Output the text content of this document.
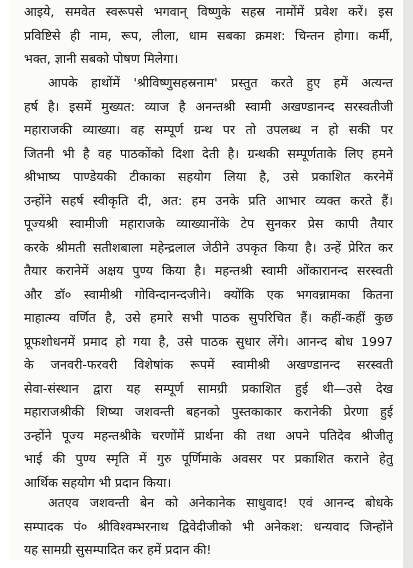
आइये, समवेत स्वरूपसे भगवान् विष्णुके सहस्र नामोंमें प्रवेश करें। इस
प्रविष्टिसे ही नाम, रूप, लीला, धाम सबका क्रमश: चिन्तन होगा। कर्मी,
भक्त, ज्ञानी सबको पोषण मिलेगा।
आपके हाथोंमें 'श्रीविष्णुसहस्रनाम' प्रस्तुत करते हुए हमें अत्यन्त
हर्ष है। इसमें मुख्यत: व्याज है अनन्तश्री स्वामी अखण्डानन्द सरस्वतीजी
महाराजकी व्याख्या। वह सम्पूर्ण ग्रन्थ पर तो उपलब्ध न हो सकी पर
जितनी भी है वह पाठकोंको दिशा देती है। ग्रन्थकी सम्पूर्णताके लिए हमने
श्रीभाष्य पाण्डेयकी टीकाका सहयोग लिया है, उसे प्रकाशित करनेमें
उन्होंने सहर्ष स्वीकृति दी, अत: हम उनके प्रति आभार व्यक्त करते हैं।
पूज्यश्री स्वामीजी महाराजके व्याख्यानोंके टेप सुनकर प्रेस कापी तैयार
करके श्रीमती सतीशबाला महेन्द्रलाल जेठीने उपकृत किया है। उन्हें प्रेरित कर
तैयार करानेमें अक्षय पुण्य किया है। महन्तश्री स्वामी ओंकारानन्द सरस्वती
और डॉ० स्वामीश्री गोविन्दानन्दजीने। क्योंकि एक भगवन्नामका कितना
माहात्म्य वर्णित है, उसे हमारे सभी पाठक सुपरिचित हैं। कहीं-कहीं कुछ
प्रूफशोधनमें प्रमाद हो गया है, उसे पाठक सुधार लेंगे। आनन्द बोध 1997
के जनवरी-फरवरी विशेषांक रूपमें स्वामीश्री अखण्डानन्द सरस्वती
सेवा-संस्थान द्वारा यह सम्पूर्ण सामग्री प्रकाशित हुई थी—उसे देख
महाराजश्रीकी शिष्या जशवन्ती बहनको पुस्तकाकार करानेकी प्रेरणा हुई
उन्होंने पूज्य महन्तश्रीके चरणोंमें प्रार्थना की तथा अपने पतिदेव श्रीजीतू
भाई की पुण्य स्मृति में गुरु पूर्णिमाके अवसर पर प्रकाशित कराने हेतु
आर्थिक सहयोग भी प्रदान किया।
अतएव जशवन्ती बेन को अनेकानेक साधुवाद! एवं आनन्द बोधके
सम्पादक पं० श्रीविश्वम्भरनाथ द्विवेदीजीको भी अनेकश: धन्यवाद जिन्होंने
यह सामग्री सुसम्पादित कर हमें प्रदान की!
